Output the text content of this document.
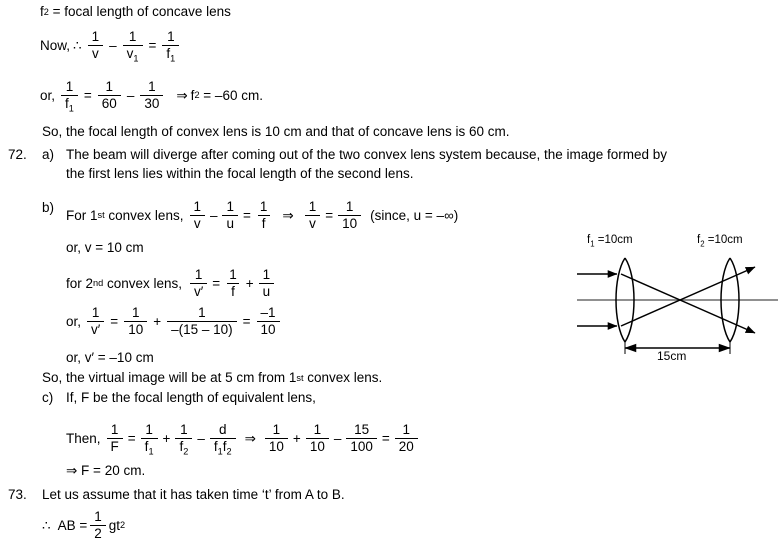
f 2 = focal length of concave lens
Now, ∴ $\frac{1}{v} - \frac{1}{v_1} = \frac{1}{f_1}$
or, $\frac{1}{f_1} = \frac{1}{60} - \frac{1}{30}$ ⇒ f 2 = –60 cm.
So, the focal length of convex lens is 10 cm and that of concave lens is 60 cm.
72. a) The beam will diverge after coming out of the two convex lens system because, the image formed by
the first lens lies within the focal length of the second lens.
b) For 1 st convex lens, $\frac{1}{v} - \frac{1}{u} = \frac{1}{f}$ ⇒ $\frac{1}{v} = \frac{1}{10}$ (since, u = –∞)
or, v = 10 cm
for 2 nd convex lens, $\frac{1}{v'} = \frac{1}{f} + \frac{1}{u}$
or, $\frac{1}{v'} = \frac{1}{10} + \frac{1}{-(15 - 10)} = \frac{-1}{10}$
or, v′ = –10 cm
So, the virtual image will be at 5 cm from 1 st convex lens.
c) If, F be the focal length of equivalent lens,
Then, $\frac{1}{F} = \frac{1}{f_1} + \frac{1}{f_2} - \frac{d}{f_1f_2}$ ⇒ $\frac{1}{10} + \frac{1}{10} - \frac{15}{100} = \frac{1}{20}$
⇒ F = 20 cm.
73. Let us assume that it has taken time ‘t’ from A to B.
∴ AB = $\frac{1}{2}$ gt 2
$f_1 =10cm$	$f_2 =10cm$
15cm
